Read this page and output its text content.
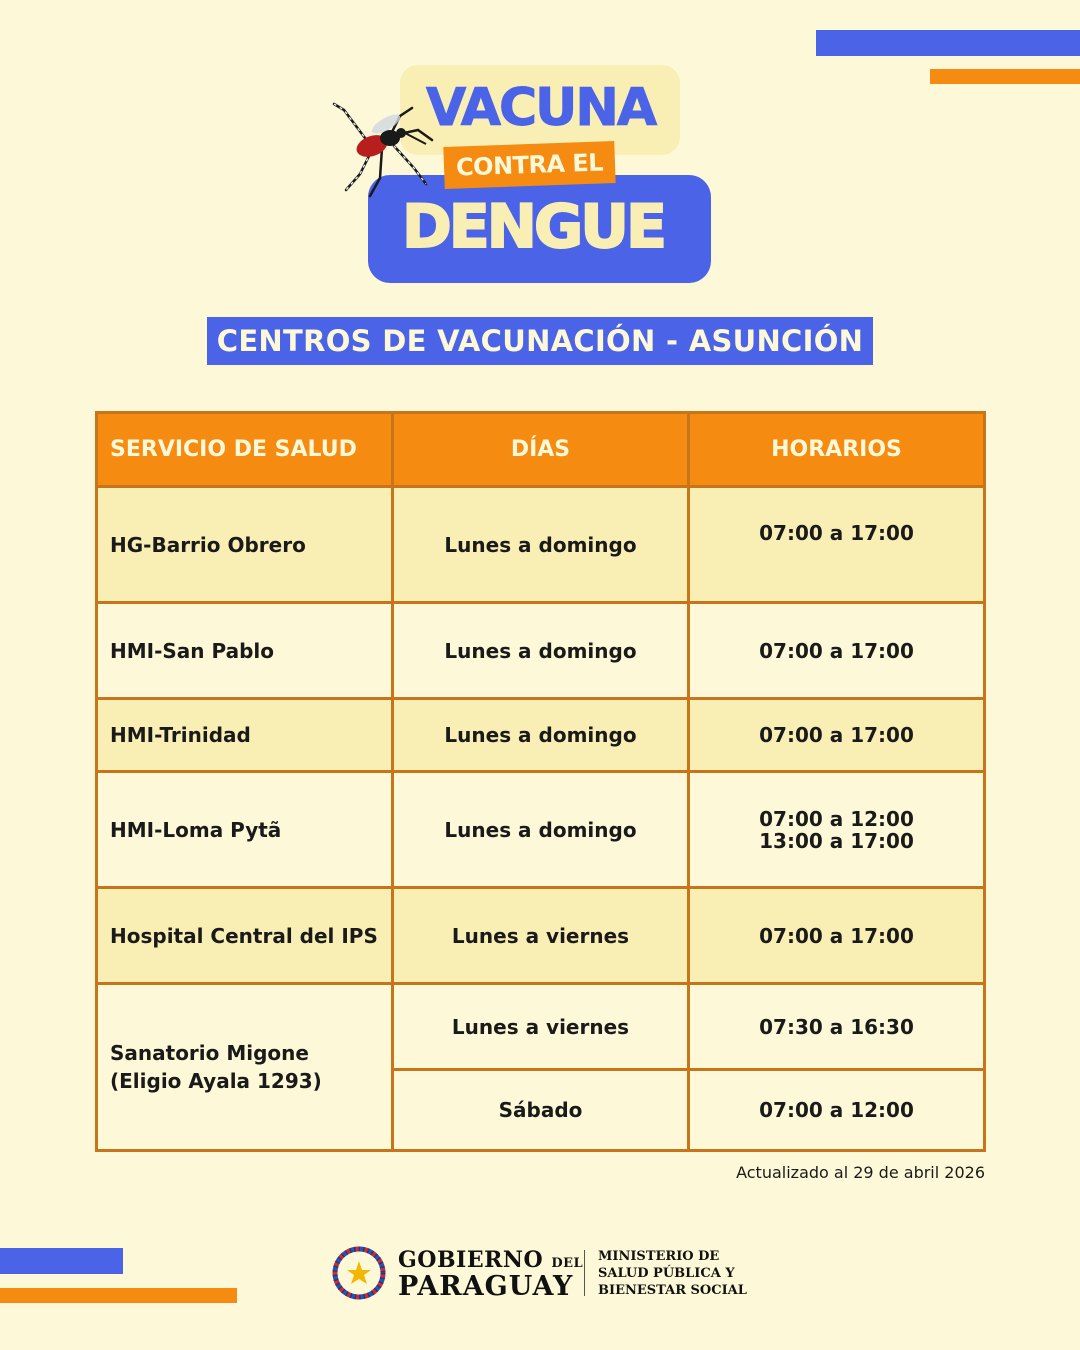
VACUNA
CONTRA EL
DENGUE
CENTROS DE VACUNACIÓN - ASUNCIÓN
SERVICIO DE SALUD	DÍAS	HORARIOS
HG-Barrio Obrero	Lunes a domingo	07:00 a 17:00
HMI-San Pablo	Lunes a domingo	07:00 a 17:00
HMI-Trinidad	Lunes a domingo	07:00 a 17:00
HMI-Loma Pytã	Lunes a domingo	07:00 a 12:00
13:00 a 17:00

Hospital Central del IPS	Lunes a viernes	07:00 a 17:00

Sanatorio Migone
(Eligio Ayala 1293)	Lunes a viernes	07:30 a 16:30
	Sábado	07:00 a 12:00
Actualizado al 29 de abril 2026
GOBIERNO DEL
PARAGUAY
MINISTERIO DE
SALUD PÚBLICA Y
BIENESTAR SOCIAL
